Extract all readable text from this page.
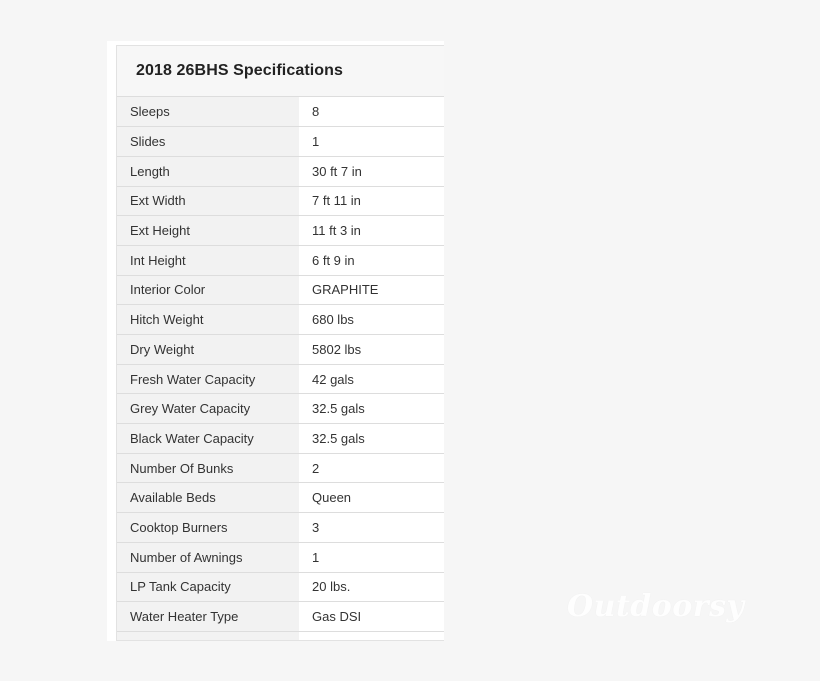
2018 26BHS Specifications
Sleeps	8
Slides	1
Length	30 ft 7 in
Ext Width	7 ft 11 in
Ext Height	11 ft 3 in
Int Height	6 ft 9 in
Interior Color	GRAPHITE
Hitch Weight	680 lbs
Dry Weight	5802 lbs
Fresh Water Capacity	42 gals
Grey Water Capacity	32.5 gals
Black Water Capacity	32.5 gals
Number Of Bunks	2
Available Beds	Queen
Cooktop Burners	3
Number of Awnings	1
LP Tank Capacity	20 lbs.
Water Heater Type	Gas DSI
		Outdoorsy
